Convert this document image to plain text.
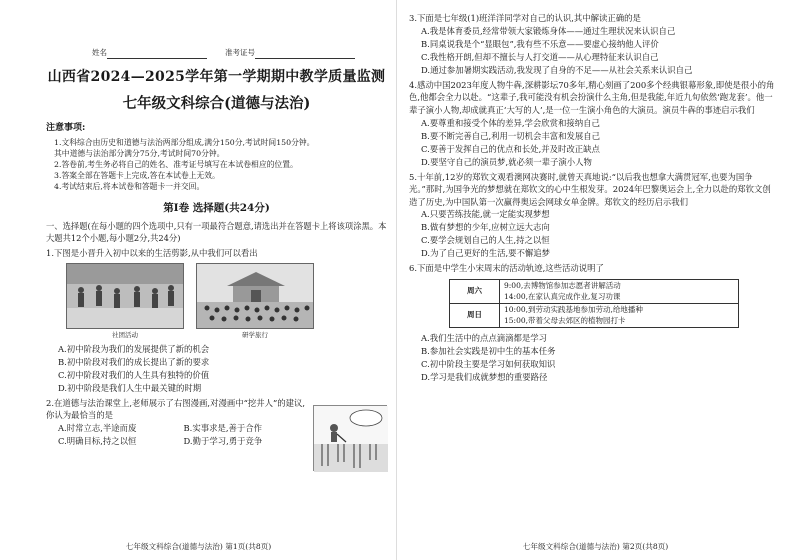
姓名	准考证号
山西省2024—2025学年第一学期期中教学质量监测
七年级文科综合(道德与法治)
注意事项:
1.文科综合由历史和道德与法治两部分组成,满分150分,考试时间150分钟。
其中道德与法治部分满分75分,考试时间70分钟。
2.答卷前,考生务必将自己的姓名、准考证号填写在本试卷相应的位置。
3.答案全部在答题卡上完成,答在本试卷上无效。
4.考试结束后,将本试卷和答题卡一并交回。
第Ⅰ卷 选择题(共24分)
一、选择题(在每小题的四个选项中,只有一项最符合题意,请选出并在答题卡上将该项涂黑。本大题共12个小题,每小题2分,共24分)
1.下图是小晋升入初中以来的生活剪影,从中我们可以看出
社团活动	研学旅行
A.初中阶段为我们的发展提供了新的机会
B.初中阶段对我们的成长提出了新的要求
C.初中阶段对我们的人生具有独特的价值
D.初中阶段是我们人生中最关键的时期
2.在道德与法治课堂上,老师展示了右图漫画,对漫画中“挖井人”的建议,你认为最恰当的是
A.时常立志,半途而废	B.实事求是,善于合作
C.明确目标,持之以恒	D.勤于学习,勇于竞争
七年级文科综合(道德与法治) 第1页(共8页)
3.下面是七年级(1)班洋洋同学对自己的认识,其中解读正确的是
A.我是体育委员,经常带领大家锻炼身体——通过生理状况来认识自己
B.同桌说我是个“显眼包”,我有些不乐意——要虚心接纳他人评价
C.我性格开朗,但却不擅长与人打交道——从心理特征来认识自己
D.通过参加暑期实践活动,我发现了自身的不足——从社会关系来认识自己
4.感动中国2023年度人物牛犇,深耕影坛70多年,精心刻画了200多个经典银幕形象,即使是很小的角色,他都会全力以赴。“这辈子,我可能没有机会扮演什么主角,但是我能,年近九旬依然‘跑龙套’。他一辈子演小人物,却成就真正‘大写的人’,是一位一生演小角色的大演员。演员牛犇的事迹启示我们
A.要尊重和接受个体的差异,学会欣赏和接纳自己
B.要不断完善自己,利用一切机会丰富和发展自己
C.要善于发挥自己的优点和长处,并及时改正缺点
D.要坚守自己的演员梦,就必须一辈子演小人物
5.十年前,12岁的郑钦文观看澳网决赛时,就曾天真地说:“以后我也想拿大满贯冠军,也要为国争光。”那时,为国争光的梦想就在郑钦文的心中生根发芽。2024年巴黎奥运会上,全力以赴的郑钦文创造了历史,为中国队第一次赢得奥运会网球女单金牌。郑钦文的经历启示我们
A.只要苦练技能,就一定能实现梦想
B.做有梦想的少年,应树立远大志向
C.要学会规划自己的人生,持之以恒
D.为了自己更好的生活,要不懈追梦
6.下面是中学生小宋周末的活动轨迹,这些活动说明了
周六	9:00,去博物馆参加志愿者讲解活动
14:00,在家认真完成作业,复习功课

周日	10:00,到劳动实践基地参加劳动,给地播种
15:00,带着父母去郊区的植物园打卡
A.我们生活中的点点滴滴都是学习
B.参加社会实践是初中生的基本任务
C.初中阶段主要是学习如何获取知识
D.学习是我们成就梦想的重要路径
七年级文科综合(道德与法治) 第2页(共8页)
